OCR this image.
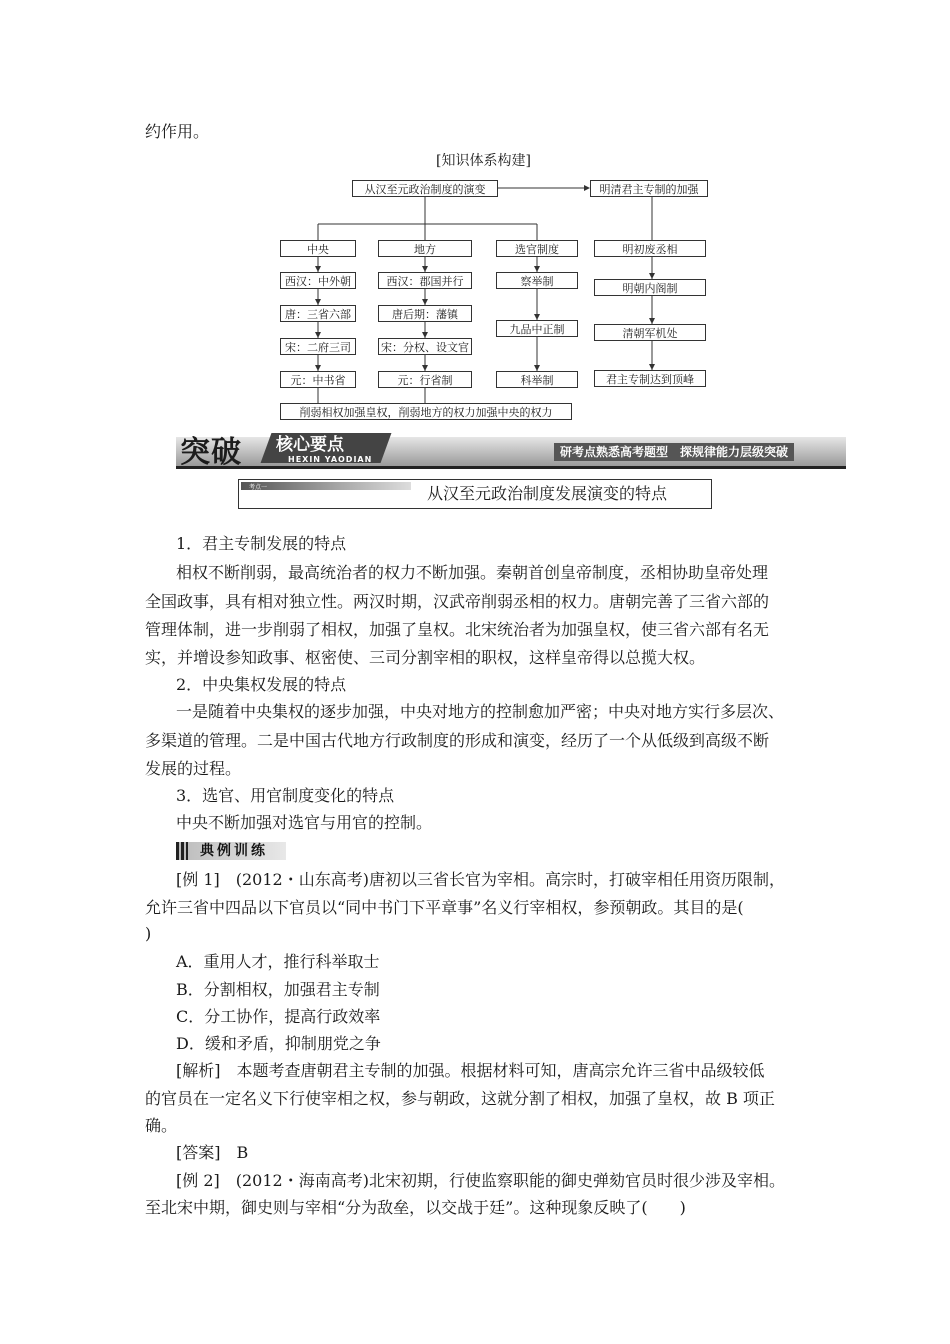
约作用。
[知识体系构建]
从汉至元政治制度的演变	明清君主专制的加强
中央
西汉：中外朝
唐：三省六部
宋：二府三司
元：中书省
地方
西汉：郡国并行
唐后期：藩镇
宋：分权、设文官
元：行省制
选官制度
察举制
九品中正制
科举制
明初废丞相
明朝内阁制
清朝军机处
君主专制达到顶峰
削弱相权加强皇权，削弱地方的权力加强中央的权力
突破 核心要点
HEXIN YAODIAN
研考点熟悉高考题型　探规律能力层级突破
考点一	从汉至元政治制度发展演变的特点
1．君主专制发展的特点
相权不断削弱，最高统治者的权力不断加强。秦朝首创皇帝制度，丞相协助皇帝处理
全国政事，具有相对独立性。两汉时期，汉武帝削弱丞相的权力。唐朝完善了三省六部的
管理体制，进一步削弱了相权，加强了皇权。北宋统治者为加强皇权，使三省六部有名无
实，并增设参知政事、枢密使、三司分割宰相的职权，这样皇帝得以总揽大权。
2．中央集权发展的特点
一是随着中央集权的逐步加强，中央对地方的控制愈加严密；中央对地方实行多层次、
多渠道的管理。二是中国古代地方行政制度的形成和演变，经历了一个从低级到高级不断
发展的过程。
3．选官、用官制度变化的特点
中央不断加强对选官与用官的控制。
典例训练
[例 1]　(2012・山东高考)唐初以三省长官为宰相。高宗时，打破宰相任用资历限制，
允许三省中四品以下官员以“同中书门下平章事”名义行宰相权，参预朝政。其目的是(
)
A．重用人才，推行科举取士
B．分割相权，加强君主专制
C．分工协作，提高行政效率
D．缓和矛盾，抑制朋党之争
[解析]　本题考查唐朝君主专制的加强。根据材料可知，唐高宗允许三省中品级较低
的官员在一定名义下行使宰相之权，参与朝政，这就分割了相权，加强了皇权，故 B 项正
确。
[答案]　B
[例 2]　(2012・海南高考)北宋初期，行使监察职能的御史弹劾官员时很少涉及宰相。
至北宋中期，御史则与宰相“分为敌垒，以交战于廷”。这种现象反映了(　　)
